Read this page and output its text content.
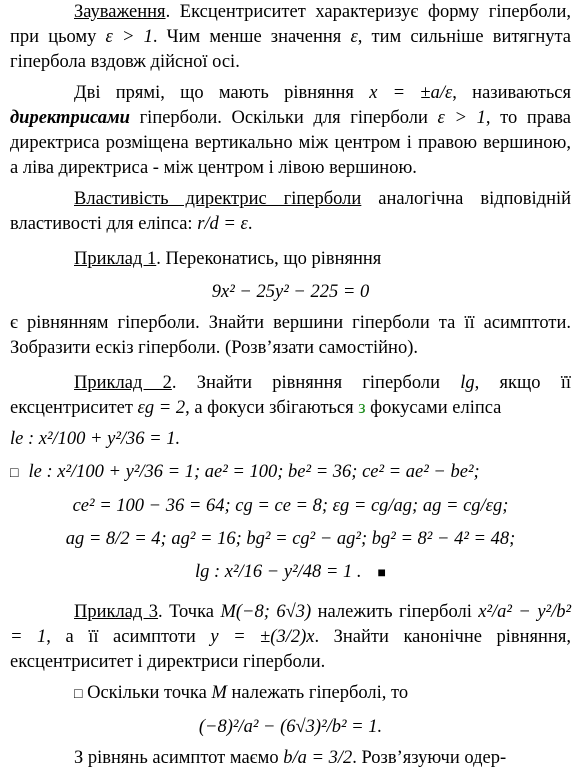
Зауваження. Ексцентриситет характеризує форму гіперболи, при цьому ε > 1. Чим менше значення ε, тим сильніше витягнута гіпербола вздовж дійсної осі.

Дві прямі, що мають рівняння x = ±a/ε, називаються директрисами гіперболи. Оскільки для гіперболи ε > 1, то права директриса розміщена вертикально між центром і правою вершиною, а ліва директриса - між центром і лівою вершиною.

Властивість директрис гіперболи аналогічна відповідній властивості для еліпса: r/d = ε.

Приклад 1. Переконатись, що рівняння

9x² − 25y² − 225 = 0

є рівнянням гіперболи. Знайти вершини гіперболи та її асимптоти. Зобразити ескіз гіперболи. (Розв’язати самостійно).

Приклад 2. Знайти рівняння гіперболи lg, якщо її ексцентриситет εg = 2, а фокуси збігаються з фокусами еліпса

le : x²/100 + y²/36 = 1.

□ le : x²/100 + y²/36 = 1; ae² = 100; be² = 36; ce² = ae² − be²;
ce² = 100 − 36 = 64; cg = ce = 8; εg = cg/ag; ag = cg/εg;
ag = 8/2 = 4; ag² = 16; bg² = cg² − ag²; bg² = 8² − 4² = 48;
lg : x²/16 − y²/48 = 1 . ■

Приклад 3. Точка M(−8; 6√3) належить гіперболі x²/a² − y²/b² = 1, а її асимптоти y = ±(3/2)x. Знайти канонічне рівняння, ексцентриситет і директриси гіперболи.

□ Оскільки точка M належать гіперболі, то

(−8)²/a² − (6√3)²/b² = 1.

З рівнянь асимптот маємо b/a = 3/2. Розв’язуючи одер-
